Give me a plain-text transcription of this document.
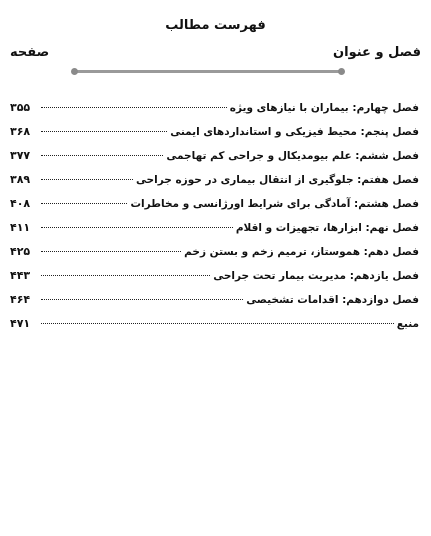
فهرست مطالب
فصل و عنوان
صفحه
فصل چهارم: بیماران با نیازهای ویژه
۳۵۵
فصل پنجم: محیط فیزیکی و استانداردهای ایمنی
۳۶۸
فصل ششم: علم بیومدیکال و جراحی کم تهاجمی
۳۷۷
فصل هفتم: جلوگیری از انتقال بیماری در حوزه جراحی
۳۸۹
فصل هشتم: آمادگی برای شرایط اورژانسی و مخاطرات
۴۰۸
فصل نهم: ابزارها، تجهیزات و اقلام
۴۱۱
فصل دهم: هموستاز، ترمیم زخم و بستن زخم
۴۲۵
فصل یازدهم: مدیریت بیمار تحت جراحی
۴۴۳
فصل دوازدهم: اقدامات تشخیصی
۴۶۴
منبع
۴۷۱
